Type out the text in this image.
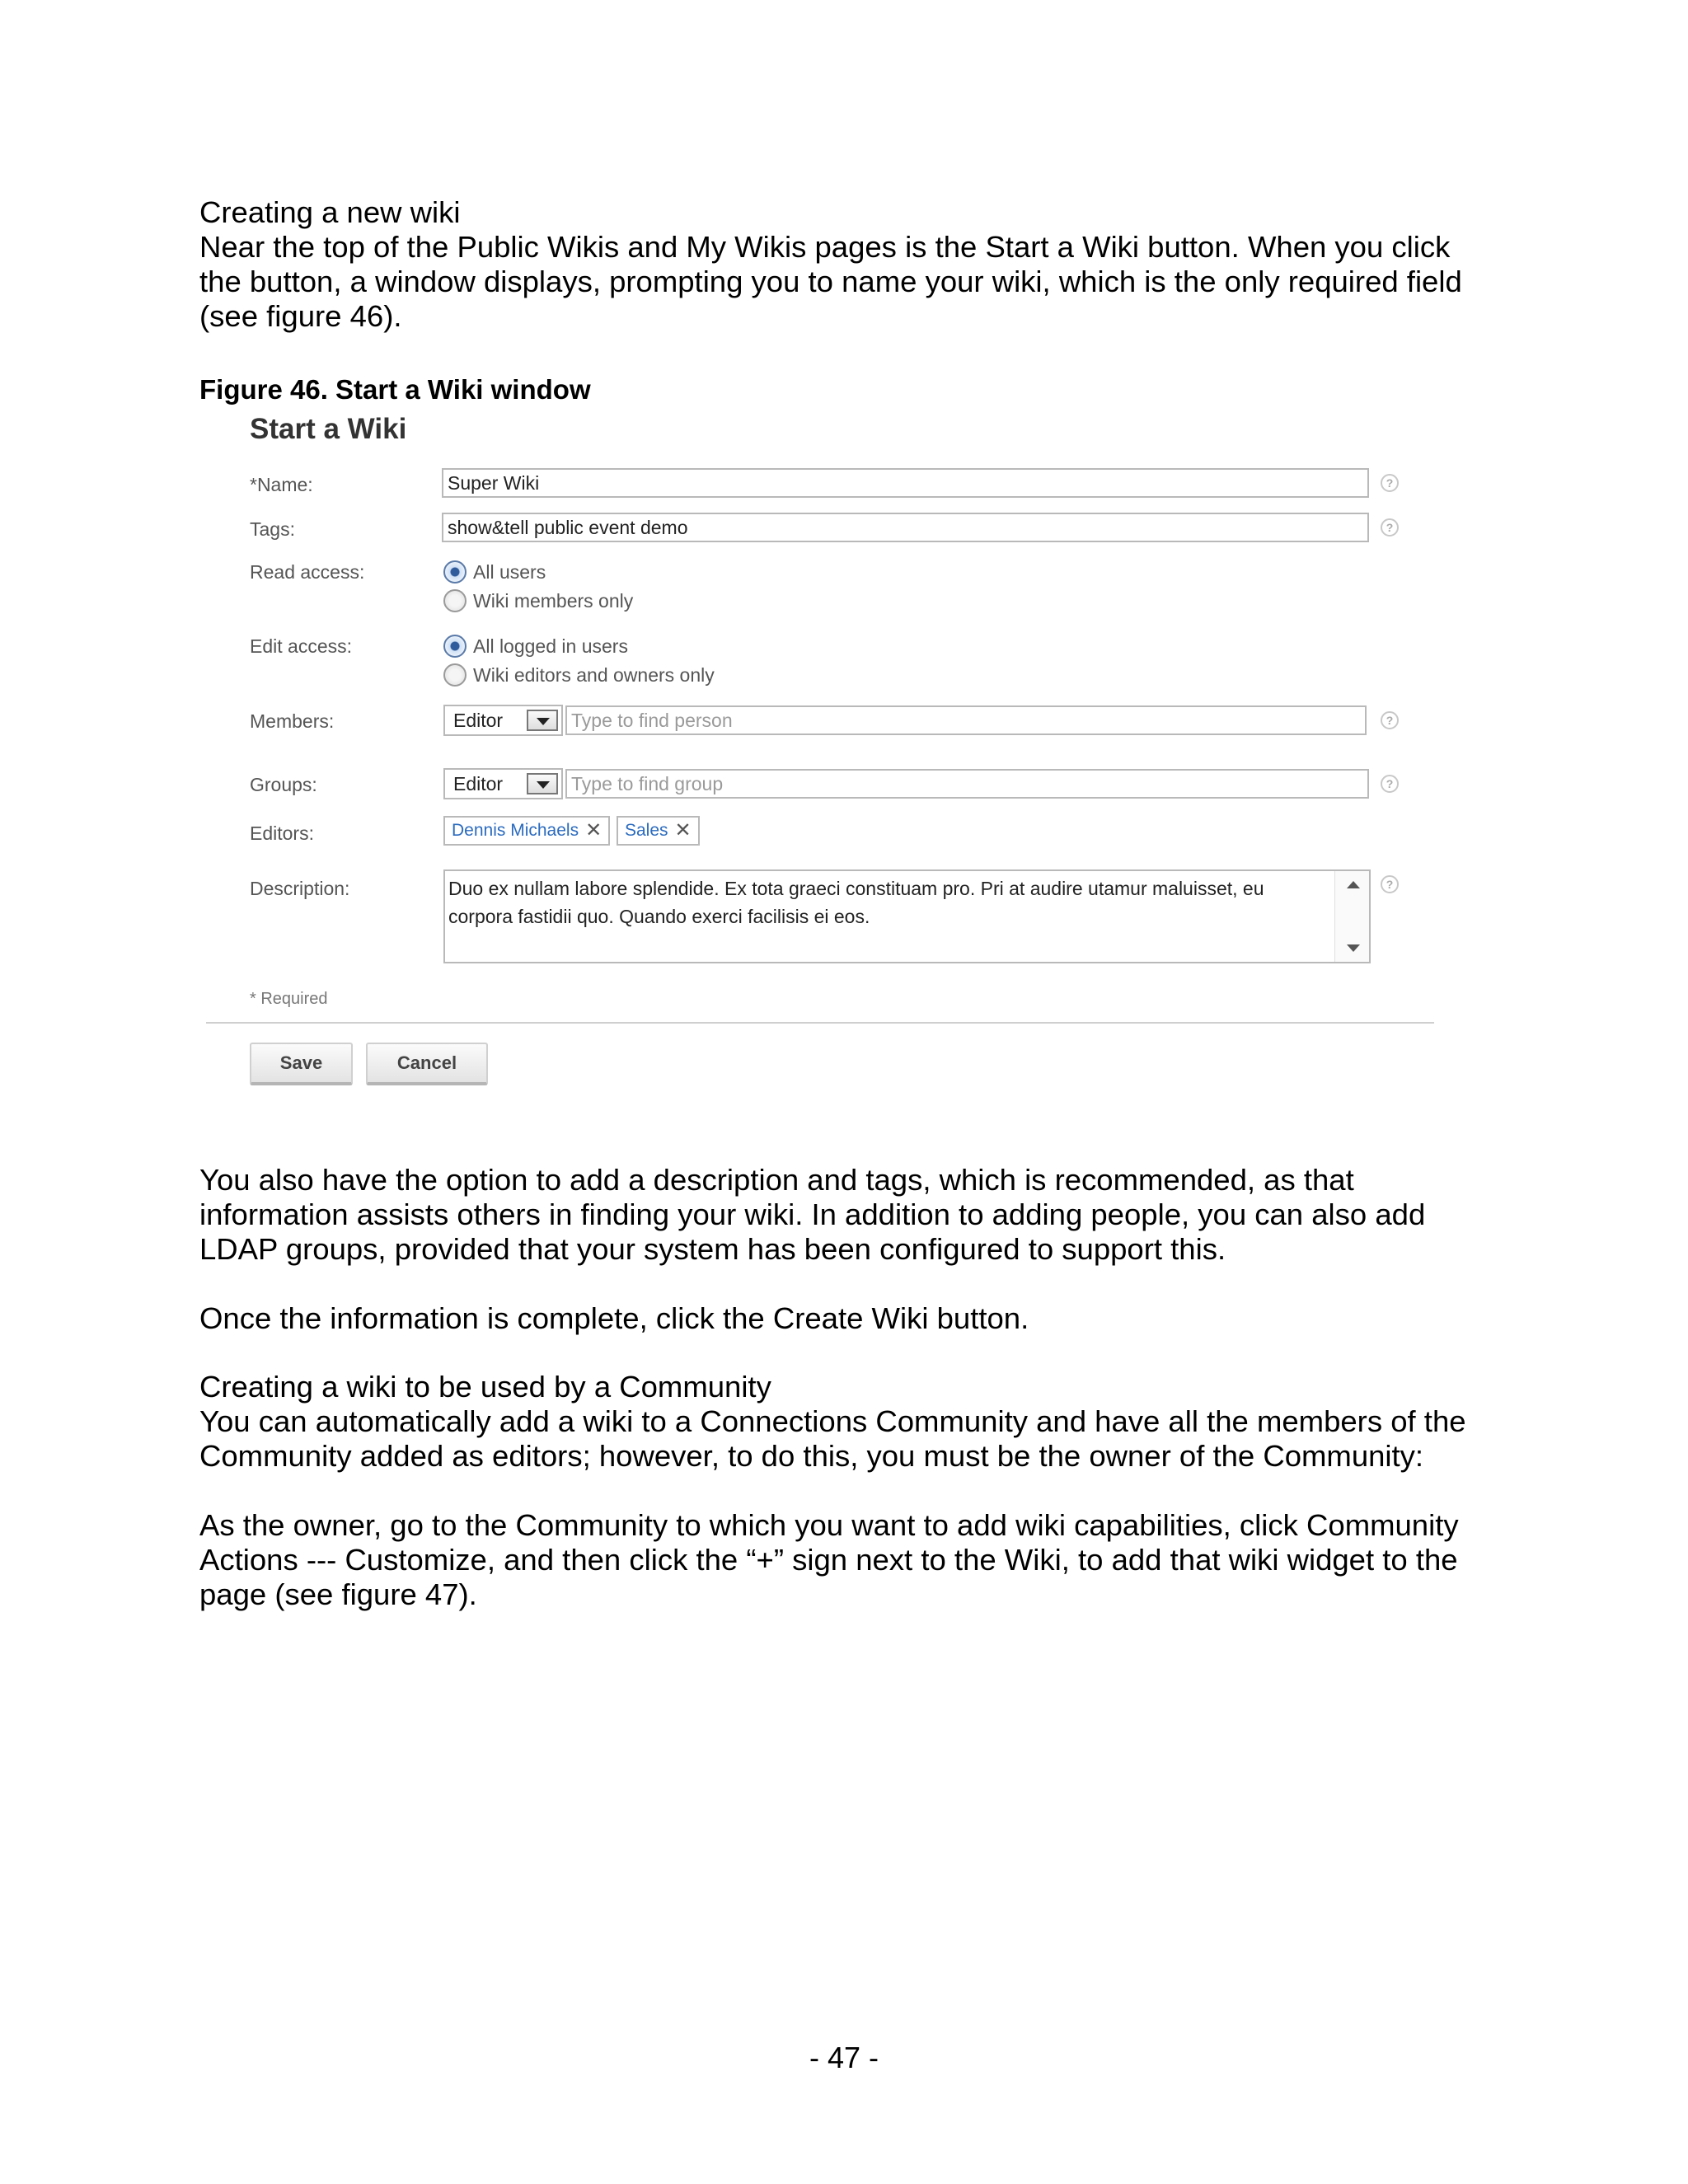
Creating a new wiki
Near the top of the Public Wikis and My Wikis pages is the Start a Wiki button. When you click
the button, a window displays, prompting you to name your wiki, which is the only required field
(see figure 46).
Figure 46. Start a Wiki window
Start a Wiki
*Name:	Super Wiki	?
Tags:	show&tell public event demo	?
Read access:	All users
Wiki members only
Edit access:	All logged in users
Wiki editors and owners only
Members:	Editor	Type to find person	?
Groups:	Editor	Type to find group	?
Editors:	Dennis Michaels ✕ Sales ✕
Description:	Duo ex nullam labore splendide. Ex tota graeci constituam pro. Pri at audire utamur maluisset, eu
corpora fastidii quo. Quando exerci facilisis ei eos.
?
* Required
Save	Cancel
You also have the option to add a description and tags, which is recommended, as that
information assists others in finding your wiki. In addition to adding people, you can also add
LDAP groups, provided that your system has been configured to support this.
Once the information is complete, click the Create Wiki button.
Creating a wiki to be used by a Community
You can automatically add a wiki to a Connections Community and have all the members of the
Community added as editors; however, to do this, you must be the owner of the Community:
As the owner, go to the Community to which you want to add wiki capabilities, click Community
Actions --- Customize, and then click the “+” sign next to the Wiki, to add that wiki widget to the
page (see figure 47).
- 47 -
